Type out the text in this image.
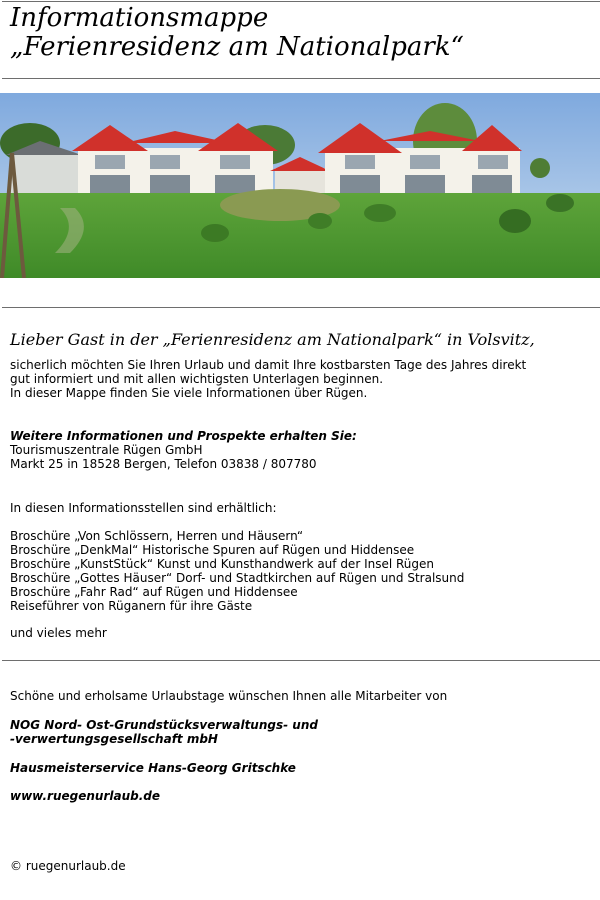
Informationsmappe
„Ferienresidenz am Nationalpark“
Lieber Gast in der „Ferienresidenz am Nationalpark“ in Volsvitz,

sicherlich möchten Sie Ihren Urlaub und damit Ihre kostbarsten Tage des Jahres direkt
gut informiert und mit allen wichtigsten Unterlagen beginnen.
In dieser Mappe finden Sie viele Informationen über Rügen.

Weitere Informationen und Prospekte erhalten Sie:
Tourismuszentrale Rügen GmbH
Markt 25 in 18528 Bergen, Telefon 03838 / 807780

In diesen Informationsstellen sind erhältlich:

Broschüre „Von Schlössern, Herren und Häusern“
Broschüre „DenkMal“ Historische Spuren auf Rügen und Hiddensee
Broschüre „KunstStück“ Kunst und Kunsthandwerk auf der Insel Rügen
Broschüre „Gottes Häuser“ Dorf- und Stadtkirchen auf Rügen und Stralsund
Broschüre „Fahr Rad“ auf Rügen und Hiddensee
Reiseführer von Rüganern für ihre Gäste

und vieles mehr

Schöne und erholsame Urlaubstage wünschen Ihnen alle Mitarbeiter von

NOG Nord- Ost-Grundstücksverwaltungs- und
-verwertungsgesellschaft mbH

Hausmeisterservice Hans-Georg Gritschke

www.ruegenurlaub.de

© ruegenurlaub.de
